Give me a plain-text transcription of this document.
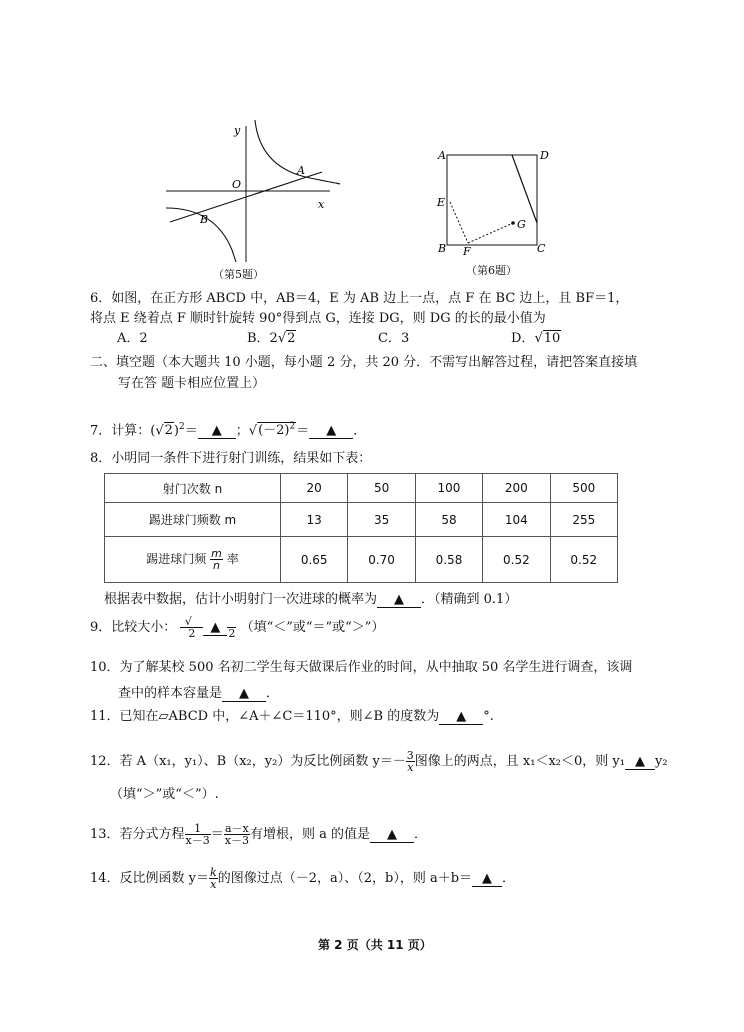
y
O
A
x
B
（第5题）
A	D
E
G
B F	C
（第6题）
6．如图，在正方形 ABCD 中，AB＝4，E 为 AB 边上一点，点 F 在 BC 边上，且 BF＝1，
将点 E 绕着点 F 顺时针旋转 90°得到点 G，连接 DG，则 DG 的长的最小值为
A．2	B．2√2	C．3	D．√10
二、填空题（本大题共 10 小题，每小题 2 分，共 20 分．不需写出解答过程，请把答案直接填
写在答 题卡相应位置上）
7．计算：$(√2)^2=$ ▲ ；$√(-2)^2=$ ▲ ．
8．小明同一条件下进行射门训练，结果如下表：
射门次数 n	20	50	100	200	500
踢进球门频数 m	13	35	58	104	255
踢进球门频 $\frac{m}{n}$ 率	0.65	0.70	0.58	0.52	0.52
根据表中数据，估计小明射门一次进球的概率为 ▲ ．（精确到 0.1）
9．比较大小： $\frac{√}{2}$ ▲
2 （填“＜”或“＝”或“＞”）
10．为了解某校 500 名初二学生每天做课后作业的时间，从中抽取 50 名学生进行调查，该调
查中的样本容量是 ▲ ．
11．已知在▱ABCD 中，∠A＋∠C＝110°，则∠B 的度数为 ▲ °.
12．若 A（x₁，y₁）、B（x₂，y₂）为反比例函数 $y=- \frac{3}{x}$ 图像上的两点，且 x₁＜x₂＜0，则 y₁ ▲ y₂
（填“＞”或“＜”）.
13．若分式方程 $\frac{1}{x-3} = \frac{a-x}{x-3}$ 有增根，则 a 的值是 ▲ ．
14．反比例函数 $y= \frac{k}{x}$ 的图像过点（－2，a）、（2，b），则 a＋b＝ ▲ ．
第 2 页（共 11 页）
